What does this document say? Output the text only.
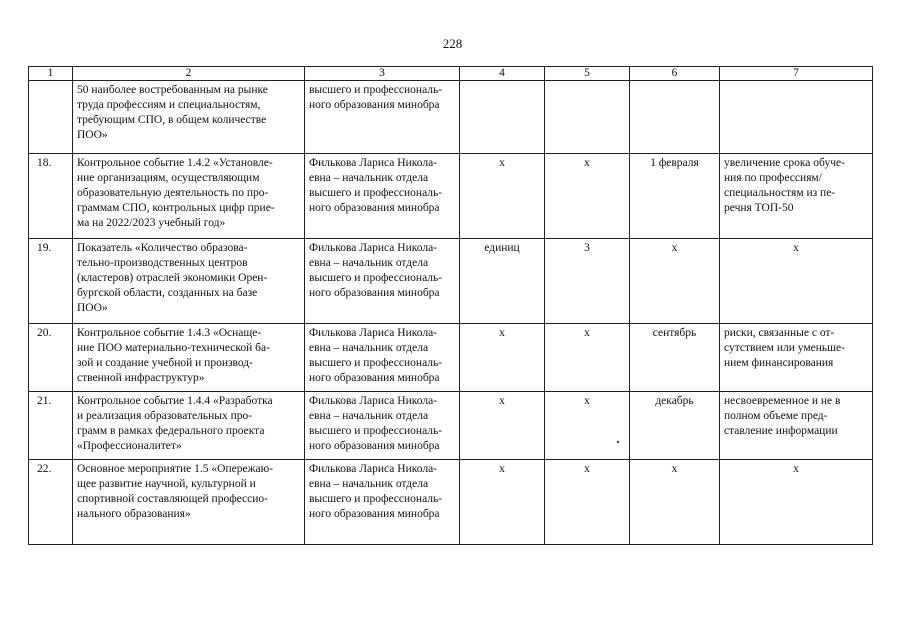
228
1	2	3	4	5	6	7
	50 наиболее востребованным на рынке
труда профессиям и специальностям,
требующим СПО, в общем количестве
ПОО»	высшего и профессиональ-
ного образования минобра				
18.	Контрольное событие 1.4.2 «Установле-
ние организациям, осуществляющим
образовательную деятельность по про-
граммам СПО, контрольных цифр прие-
ма на 2022/2023 учебный год»	Филькова Лариса Никола-
евна – начальник отдела
высшего и профессиональ-
ного образования минобра	x	x	1 февраля	увеличение срока обуче-
ния по профессиям/
специальностям из пе-
речня ТОП-50
19.	Показатель «Количество образова-
тельно-производственных центров
(кластеров) отраслей экономики Орен-
бургской области, созданных на базе
ПОО»	Филькова Лариса Никола-
евна – начальник отдела
высшего и профессиональ-
ного образования минобра	единиц	3	x	x
20.	Контрольное событие 1.4.3 «Оснаще-
ние ПОО материально-технической ба-
зой и создание учебной и производ-
ственной инфраструктур»	Филькова Лариса Никола-
евна – начальник отдела
высшего и профессиональ-
ного образования минобра	x	x	сентябрь	риски, связанные с от-
сутствием или уменьше-
нием финансирования
21.	Контрольное событие 1.4.4 «Разработка
и реализация образовательных про-
грамм в рамках федерального проекта
«Профессионалитет»	Филькова Лариса Никола-
евна – начальник отдела
высшего и профессиональ-
ного образования минобра	x	x	декабрь	несвоевременное и не в
полном объеме пред-
ставление информации
22.	Основное мероприятие 1.5 «Опережаю-
щее развитие научной, культурной и
спортивной составляющей профессио-
нального образования»	Филькова Лариса Никола-
евна – начальник отдела
высшего и профессиональ-
ного образования минобра	x	x	x	x
